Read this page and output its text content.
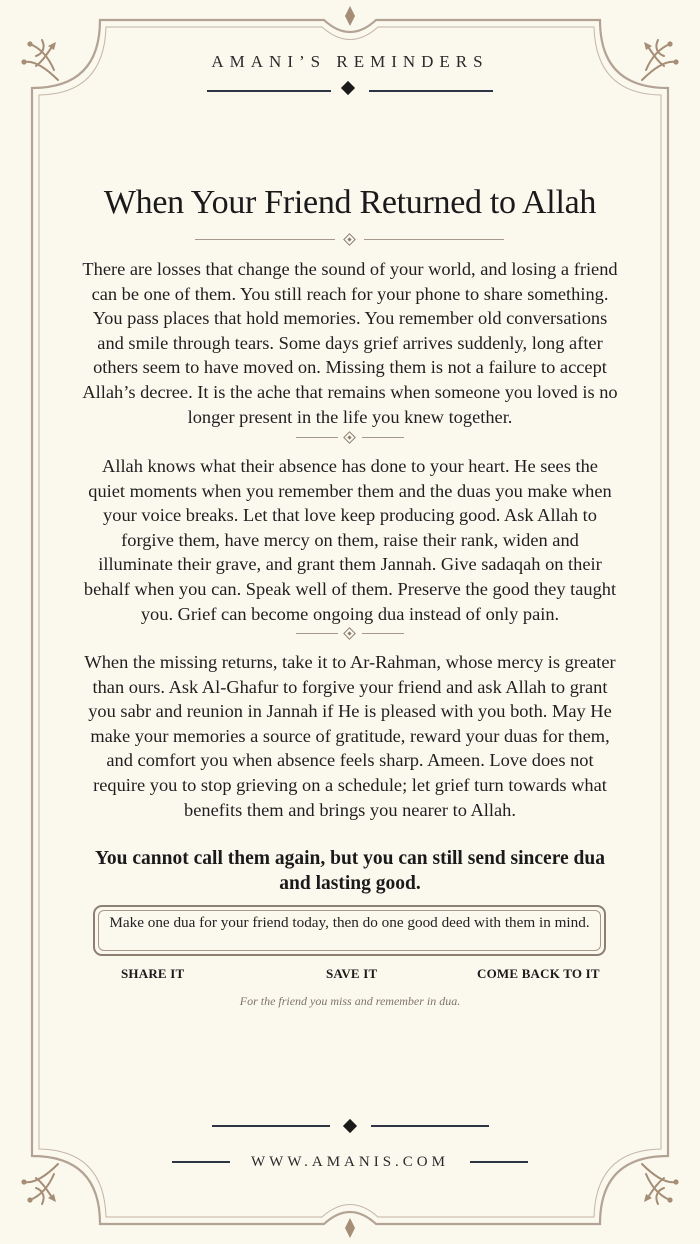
AMANI’S REMINDERS
When Your Friend Returned to Allah
There are losses that change the sound of your world, and losing a friend can be one of them. You still reach for your phone to share something. You pass places that hold memories. You remember old conversations and smile through tears. Some days grief arrives suddenly, long after others seem to have moved on. Missing them is not a failure to accept Allah’s decree. It is the ache that remains when someone you loved is no longer present in the life you knew together.
Allah knows what their absence has done to your heart. He sees the quiet moments when you remember them and the duas you make when your voice breaks. Let that love keep producing good. Ask Allah to forgive them, have mercy on them, raise their rank, widen and illuminate their grave, and grant them Jannah. Give sadaqah on their behalf when you can. Speak well of them. Preserve the good they taught you. Grief can become ongoing dua instead of only pain.
When the missing returns, take it to Ar-Rahman, whose mercy is greater than ours. Ask Al-Ghafur to forgive your friend and ask Allah to grant you sabr and reunion in Jannah if He is pleased with you both. May He make your memories a source of gratitude, reward your duas for them, and comfort you when absence feels sharp. Ameen. Love does not require you to stop grieving on a schedule; let grief turn towards what benefits them and brings you nearer to Allah.
You cannot call them again, but you can still send sincere dua and lasting good.
Make one dua for your friend today, then do one good deed with them in mind.
SHARE IT	SAVE IT	COME BACK TO IT
For the friend you miss and remember in dua.
WWW.AMANIS.COM
